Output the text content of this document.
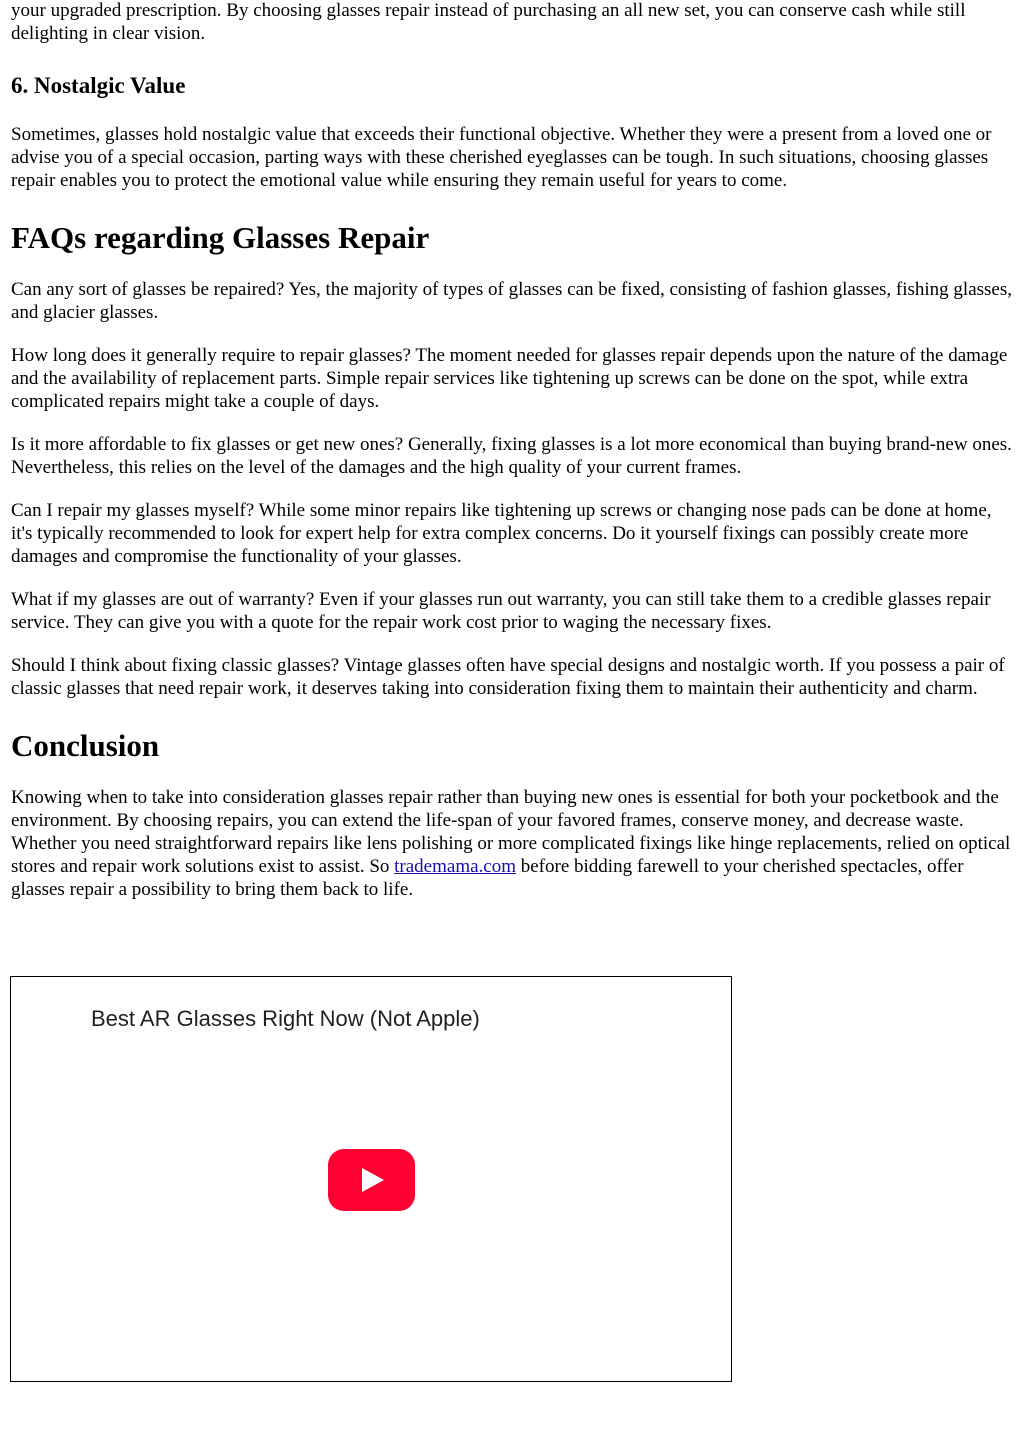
your upgraded prescription. By choosing glasses repair instead of purchasing an all new set, you can conserve cash while still delighting in clear vision.

6. Nostalgic Value

Sometimes, glasses hold nostalgic value that exceeds their functional objective. Whether they were a present from a loved one or advise you of a special occasion, parting ways with these cherished eyeglasses can be tough. In such situations, choosing glasses repair enables you to protect the emotional value while ensuring they remain useful for years to come.

FAQs regarding Glasses Repair

Can any sort of glasses be repaired? Yes, the majority of types of glasses can be fixed, consisting of fashion glasses, fishing glasses, and glacier glasses.

How long does it generally require to repair glasses? The moment needed for glasses repair depends upon the nature of the damage and the availability of replacement parts. Simple repair services like tightening up screws can be done on the spot, while extra complicated repairs might take a couple of days.

Is it more affordable to fix glasses or get new ones? Generally, fixing glasses is a lot more economical than buying brand-new ones. Nevertheless, this relies on the level of the damages and the high quality of your current frames.

Can I repair my glasses myself? While some minor repairs like tightening up screws or changing nose pads can be done at home, it's typically recommended to look for expert help for extra complex concerns. Do it yourself fixings can possibly create more damages and compromise the functionality of your glasses.

What if my glasses are out of warranty? Even if your glasses run out warranty, you can still take them to a credible glasses repair service. They can give you with a quote for the repair work cost prior to waging the necessary fixes.

Should I think about fixing classic glasses? Vintage glasses often have special designs and nostalgic worth. If you possess a pair of classic glasses that need repair work, it deserves taking into consideration fixing them to maintain their authenticity and charm.

Conclusion

Knowing when to take into consideration glasses repair rather than buying new ones is essential for both your pocketbook and the environment. By choosing repairs, you can extend the life-span of your favored frames, conserve money, and decrease waste. Whether you need straightforward repairs like lens polishing or more complicated fixings like hinge replacements, relied on optical stores and repair work solutions exist to assist. So trademama.com before bidding farewell to your cherished spectacles, offer glasses repair a possibility to bring them back to life.

Best AR Glasses Right Now (Not Apple)
